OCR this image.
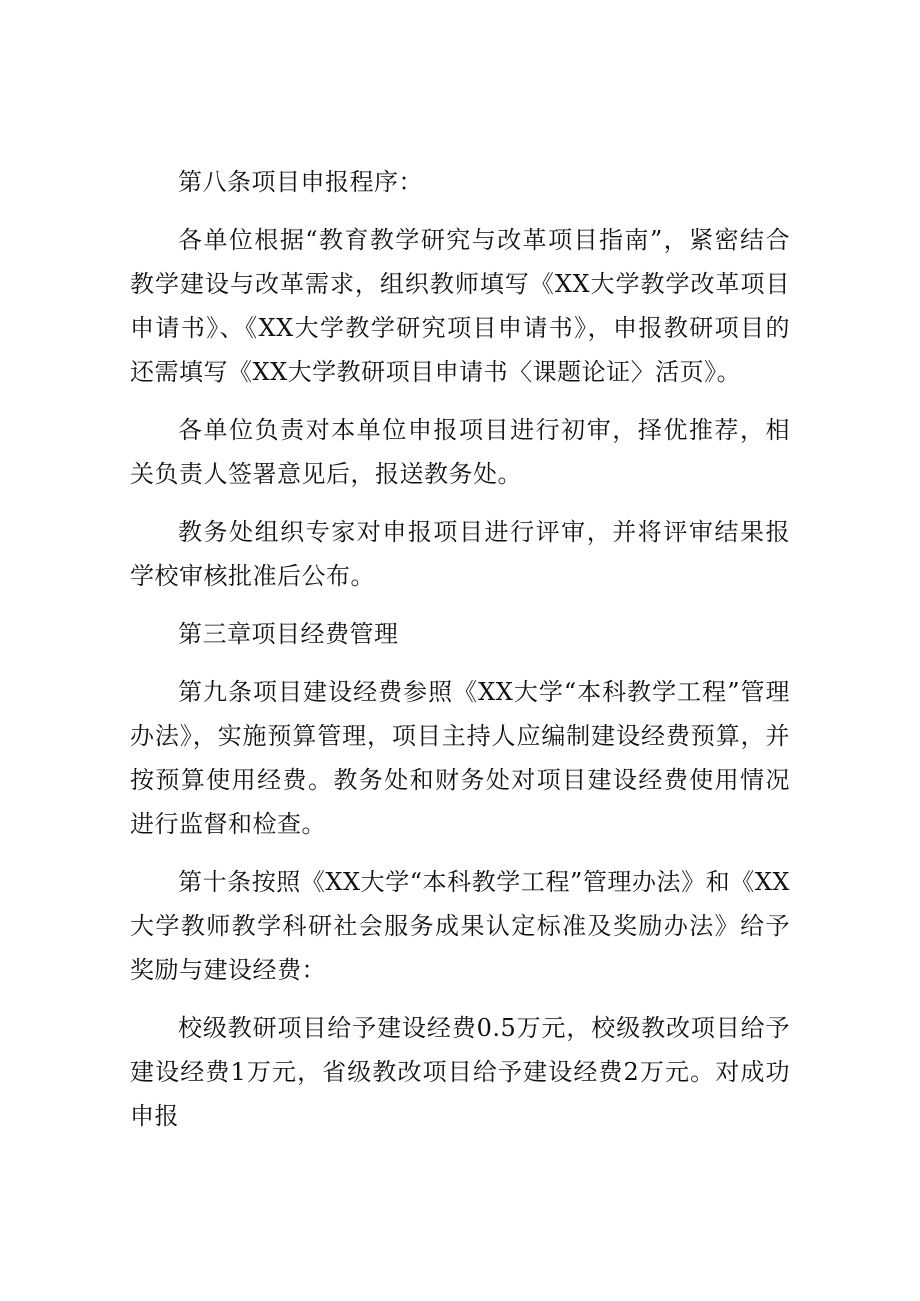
第八条项目申报程序：

各单位根据“教育教学研究与改革项目指南”，紧密结合教学建设与改革需求，组织教师填写《XX大学教学改革项目申请书》、《XX大学教学研究项目申请书》，申报教研项目的还需填写《XX大学教研项目申请书〈课题论证〉活页》。

各单位负责对本单位申报项目进行初审，择优推荐，相关负责人签署意见后，报送教务处。

教务处组织专家对申报项目进行评审，并将评审结果报学校审核批准后公布。

第三章项目经费管理

第九条项目建设经费参照《XX大学“本科教学工程”管理办法》，实施预算管理，项目主持人应编制建设经费预算，并按预算使用经费。教务处和财务处对项目建设经费使用情况进行监督和检查。

第十条按照《XX大学“本科教学工程”管理办法》和《XX大学教师教学科研社会服务成果认定标准及奖励办法》给予奖励与建设经费：

校级教研项目给予建设经费0.5万元，校级教改项目给予建设经费1万元，省级教改项目给予建设经费2万元。对成功申报
